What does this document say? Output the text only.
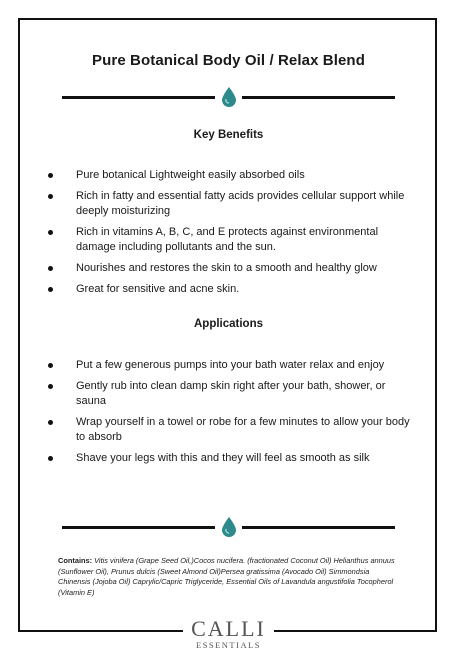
Pure Botanical Body Oil / Relax Blend
Key Benefits
Pure botanical Lightweight easily absorbed oils
Rich in fatty and essential fatty acids provides cellular support while deeply moisturizing
Rich in vitamins A, B, C, and E protects against environmental damage including pollutants and the sun.
Nourishes and restores the skin to a smooth and healthy glow
Great for sensitive and acne skin.
Applications
Put a few generous pumps into your bath water relax and enjoy
Gently rub into clean damp skin right after your bath, shower, or sauna
Wrap yourself in a towel or robe for a few minutes to allow your body to absorb
Shave your legs with this and they will feel as smooth as silk
Contains: Vitis vinifera (Grape Seed Oil,)Cocos nucifera. (fractionated Coconut Oil) Helianthus annuus (Sunflower Oil), Prunus dulcis (Sweet Almond Oil)Persea gratissima (Avocado Oil) Simmondsia Chinensis (Jojoba Oil) Caprylic/Capric Triglyceride, Essential Oils of Lavandula angustifolia Tocopherol (Vitamin E)
CALLI
ESSENTIALS
